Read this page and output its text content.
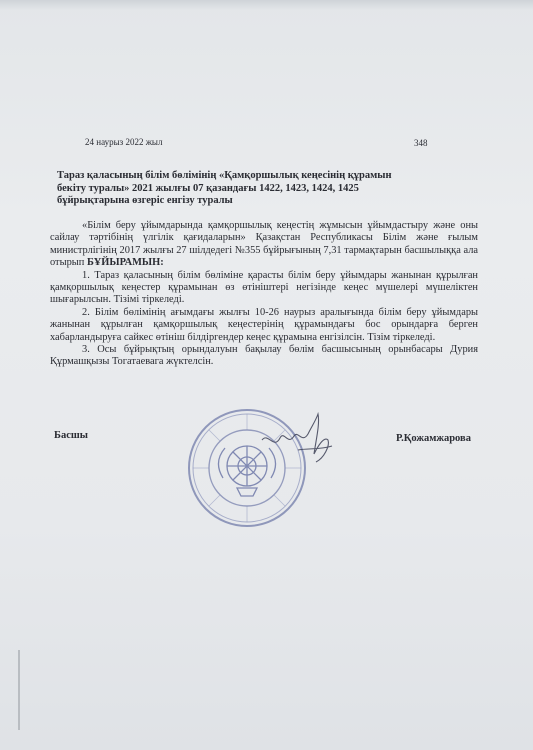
24 наурыз 2022 жыл	348
Тараз қаласының білім бөлімінің «Қамқоршылық кеңесінің құрамын бекіту туралы» 2021 жылғы 07 қазандағы 1422, 1423, 1424, 1425 бұйрықтарына өзгеріс енгізу туралы

«Білім беру ұйымдарында қамқоршылық кеңестің жұмысын ұйымдастыру және оны сайлау тәртібінің үлгілік қағидаларын» Қазақстан Республикасы Білім және ғылым министрлігінің 2017 жылғы 27 шілдедегі №355 бұйрығының 7,31 тармақтарын басшылыққа ала отырып БҰЙЫРАМЫН:

1. Тараз қаласының білім бөліміне қарасты білім беру ұйымдары жанынан құрылған қамқоршылық кеңестер құрамынан өз өтініштері негізінде кеңес мүшелері мүшеліктен шығарылсын. Тізімі тіркеледі.

2. Білім бөлімінің ағымдағы жылғы 10-26 наурыз аралығында білім беру ұйымдары жанынан құрылған қамқоршылық кеңестерінің құрамындағы бос орындарға берген хабарландыруға сайкес өтініш білдіргендер кеңес құрамына енгізілсін. Тізім тіркеледі.

3. Осы бұйрықтың орындалуын бақылау бөлім басшысының орынбасары Дурия Құрмашқызы Тогатаевага жүктелсін.

Басшы	Р.Қожамжарова
